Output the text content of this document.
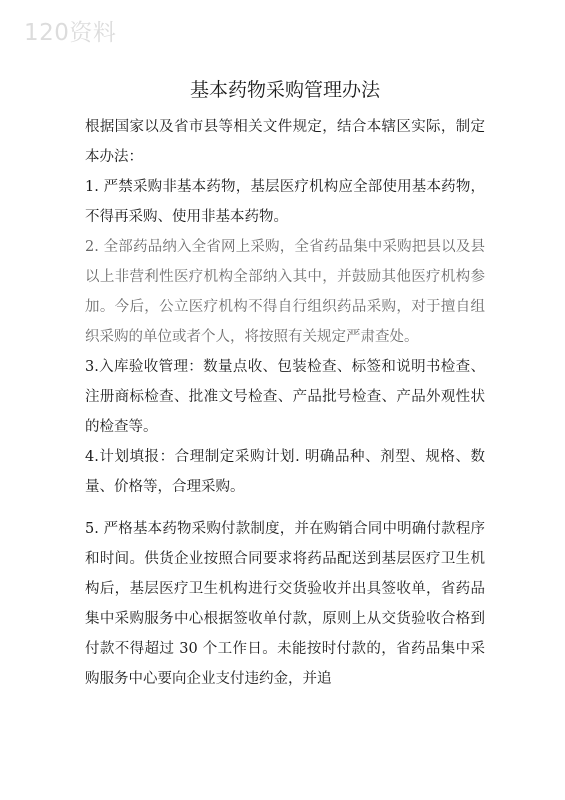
120资料
基本药物采购管理办法

根据国家以及省市县等相关文件规定，结合本辖区实际，制定本办法：

1. 严禁采购非基本药物，基层医疗机构应全部使用基本药物，不得再采购、使用非基本药物。

2. 全部药品纳入全省网上采购，全省药品集中采购把县以及县以上非营利性医疗机构全部纳入其中，并鼓励其他医疗机构参加。今后，公立医疗机构不得自行组织药品采购，对于擅自组织采购的单位或者个人，将按照有关规定严肃查处。

3.入库验收管理：数量点收、包装检查、标签和说明书检查、注册商标检查、批准文号检查、产品批号检查、产品外观性状的检查等。

4.计划填报：合理制定采购计划. 明确品种、剂型、规格、数量、价格等，合理采购。

5. 严格基本药物采购付款制度，并在购销合同中明确付款程序和时间。供货企业按照合同要求将药品配送到基层医疗卫生机构后，基层医疗卫生机构进行交货验收并出具签收单，省药品集中采购服务中心根据签收单付款，原则上从交货验收合格到付款不得超过 30 个工作日。未能按时付款的，省药品集中采购服务中心要向企业支付违约金，并追
